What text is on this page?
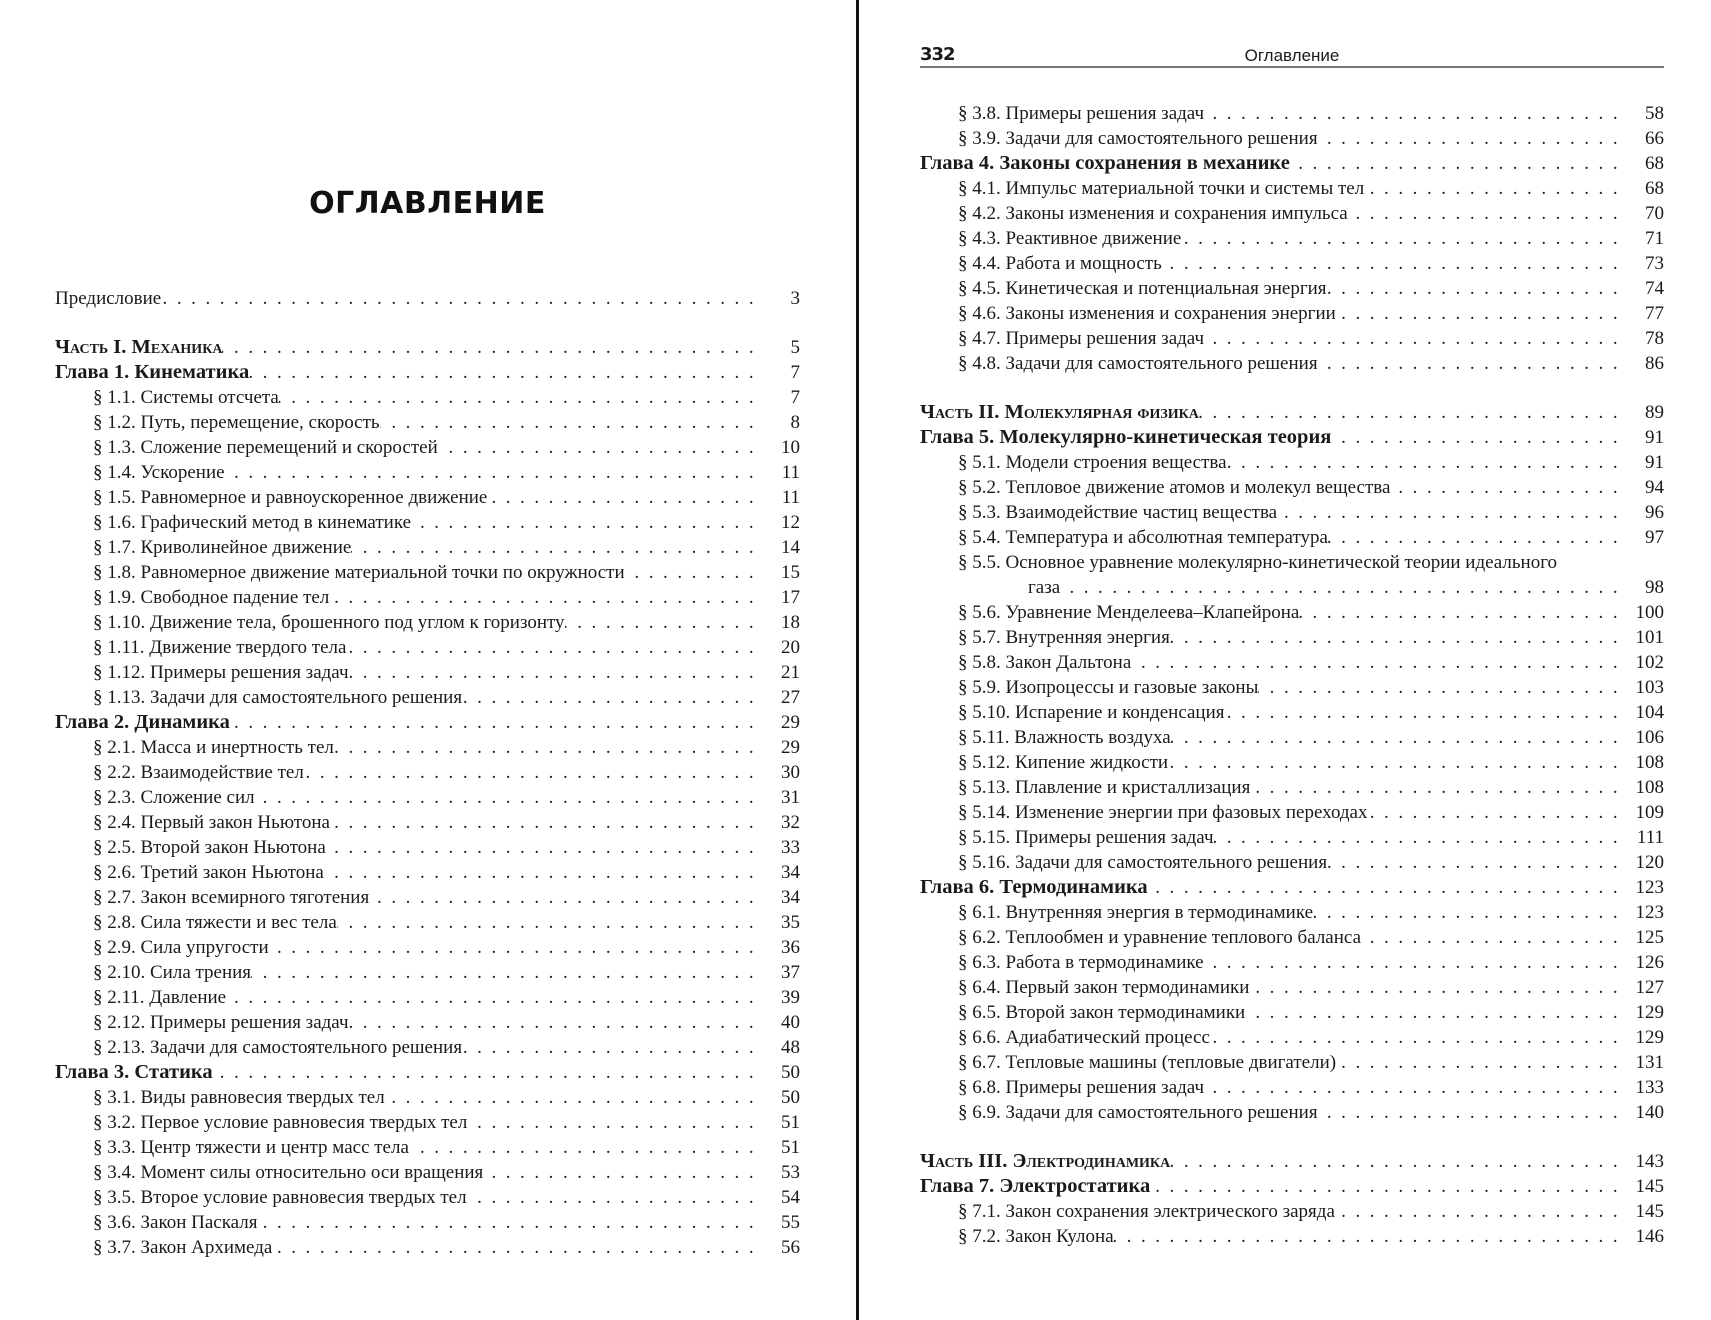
ОГЛАВЛЕНИЕ
Предисловие . . .	3
Часть I. Механика . . .	5
Глава 1. Кинематика . . .	7
§ 1.1. Системы отсчета . . .	7
§ 1.2. Путь, перемещение, скорость . . .	8
§ 1.3. Сложение перемещений и скоростей . . .	10
§ 1.4. Ускорение . . .	11
§ 1.5. Равномерное и равноускоренное движение . . .	11
§ 1.6. Графический метод в кинематике . . .	12
§ 1.7. Криволинейное движение . . .	14
§ 1.8. Равномерное движение материальной точки по окружности . . .	15
§ 1.9. Свободное падение тел . . .	17
§ 1.10. Движение тела, брошенного под углом к горизонту . . .	18
§ 1.11. Движение твердого тела . . .	20
§ 1.12. Примеры решения задач . . .	21
§ 1.13. Задачи для самостоятельного решения . . .	27
Глава 2. Динамика . . .	29
§ 2.1. Масса и инертность тел . . .	29
§ 2.2. Взаимодействие тел . . .	30
§ 2.3. Сложение сил . . .	31
§ 2.4. Первый закон Ньютона . . .	32
§ 2.5. Второй закон Ньютона . . .	33
§ 2.6. Третий закон Ньютона . . .	34
§ 2.7. Закон всемирного тяготения . . .	34
§ 2.8. Сила тяжести и вес тела . . .	35
§ 2.9. Сила упругости . . .	36
§ 2.10. Сила трения . . .	37
§ 2.11. Давление . . .	39
§ 2.12. Примеры решения задач . . .	40
§ 2.13. Задачи для самостоятельного решения . . .	48
Глава 3. Статика . . .	50
§ 3.1. Виды равновесия твердых тел . . .	50
§ 3.2. Первое условие равновесия твердых тел . . .	51
§ 3.3. Центр тяжести и центр масс тела . . .	51
§ 3.4. Момент силы относительно оси вращения . . .	53
§ 3.5. Второе условие равновесия твердых тел . . .	54
§ 3.6. Закон Паскаля . . .	55
§ 3.7. Закон Архимеда . . .	56
332	Оглавление
§ 3.8. Примеры решения задач . . .	58
§ 3.9. Задачи для самостоятельного решения . . .	66
Глава 4. Законы сохранения в механике . . .	68
§ 4.1. Импульс материальной точки и системы тел . . .	68
§ 4.2. Законы изменения и сохранения импульса . . .	70
§ 4.3. Реактивное движение . . .	71
§ 4.4. Работа и мощность . . .	73
§ 4.5. Кинетическая и потенциальная энергия . . .	74
§ 4.6. Законы изменения и сохранения энергии . . .	77
§ 4.7. Примеры решения задач . . .	78
§ 4.8. Задачи для самостоятельного решения . . .	86
Часть II. Молекулярная физика . . .	89
Глава 5. Молекулярно-кинетическая теория . . .	91
§ 5.1. Модели строения вещества . . .	91
§ 5.2. Тепловое движение атомов и молекул вещества . . .	94
§ 5.3. Взаимодействие частиц вещества . . .	96
§ 5.4. Температура и абсолютная температура . . .	97
§ 5.5. Основное уравнение молекулярно-кинетической теории идеального
газа . . .	98
§ 5.6. Уравнение Менделеева–Клапейрона . . .	100
§ 5.7. Внутренняя энергия . . .	101
§ 5.8. Закон Дальтона . . .	102
§ 5.9. Изопроцессы и газовые законы . . .	103
§ 5.10. Испарение и конденсация . . .	104
§ 5.11. Влажность воздуха . . .	106
§ 5.12. Кипение жидкости . . .	108
§ 5.13. Плавление и кристаллизация . . .	108
§ 5.14. Изменение энергии при фазовых переходах . . .	109
§ 5.15. Примеры решения задач . . .	111
§ 5.16. Задачи для самостоятельного решения . . .	120
Глава 6. Термодинамика . . .	123
§ 6.1. Внутренняя энергия в термодинамике . . .	123
§ 6.2. Теплообмен и уравнение теплового баланса . . .	125
§ 6.3. Работа в термодинамике . . .	126
§ 6.4. Первый закон термодинамики . . .	127
§ 6.5. Второй закон термодинамики . . .	129
§ 6.6. Адиабатический процесс . . .	129
§ 6.7. Тепловые машины (тепловые двигатели) . . .	131
§ 6.8. Примеры решения задач . . .	133
§ 6.9. Задачи для самостоятельного решения . . .	140
Часть III. Электродинамика . . .	143
Глава 7. Электростатика . . .	145
§ 7.1. Закон сохранения электрического заряда . . .	145
§ 7.2. Закон Кулона . . .	146
